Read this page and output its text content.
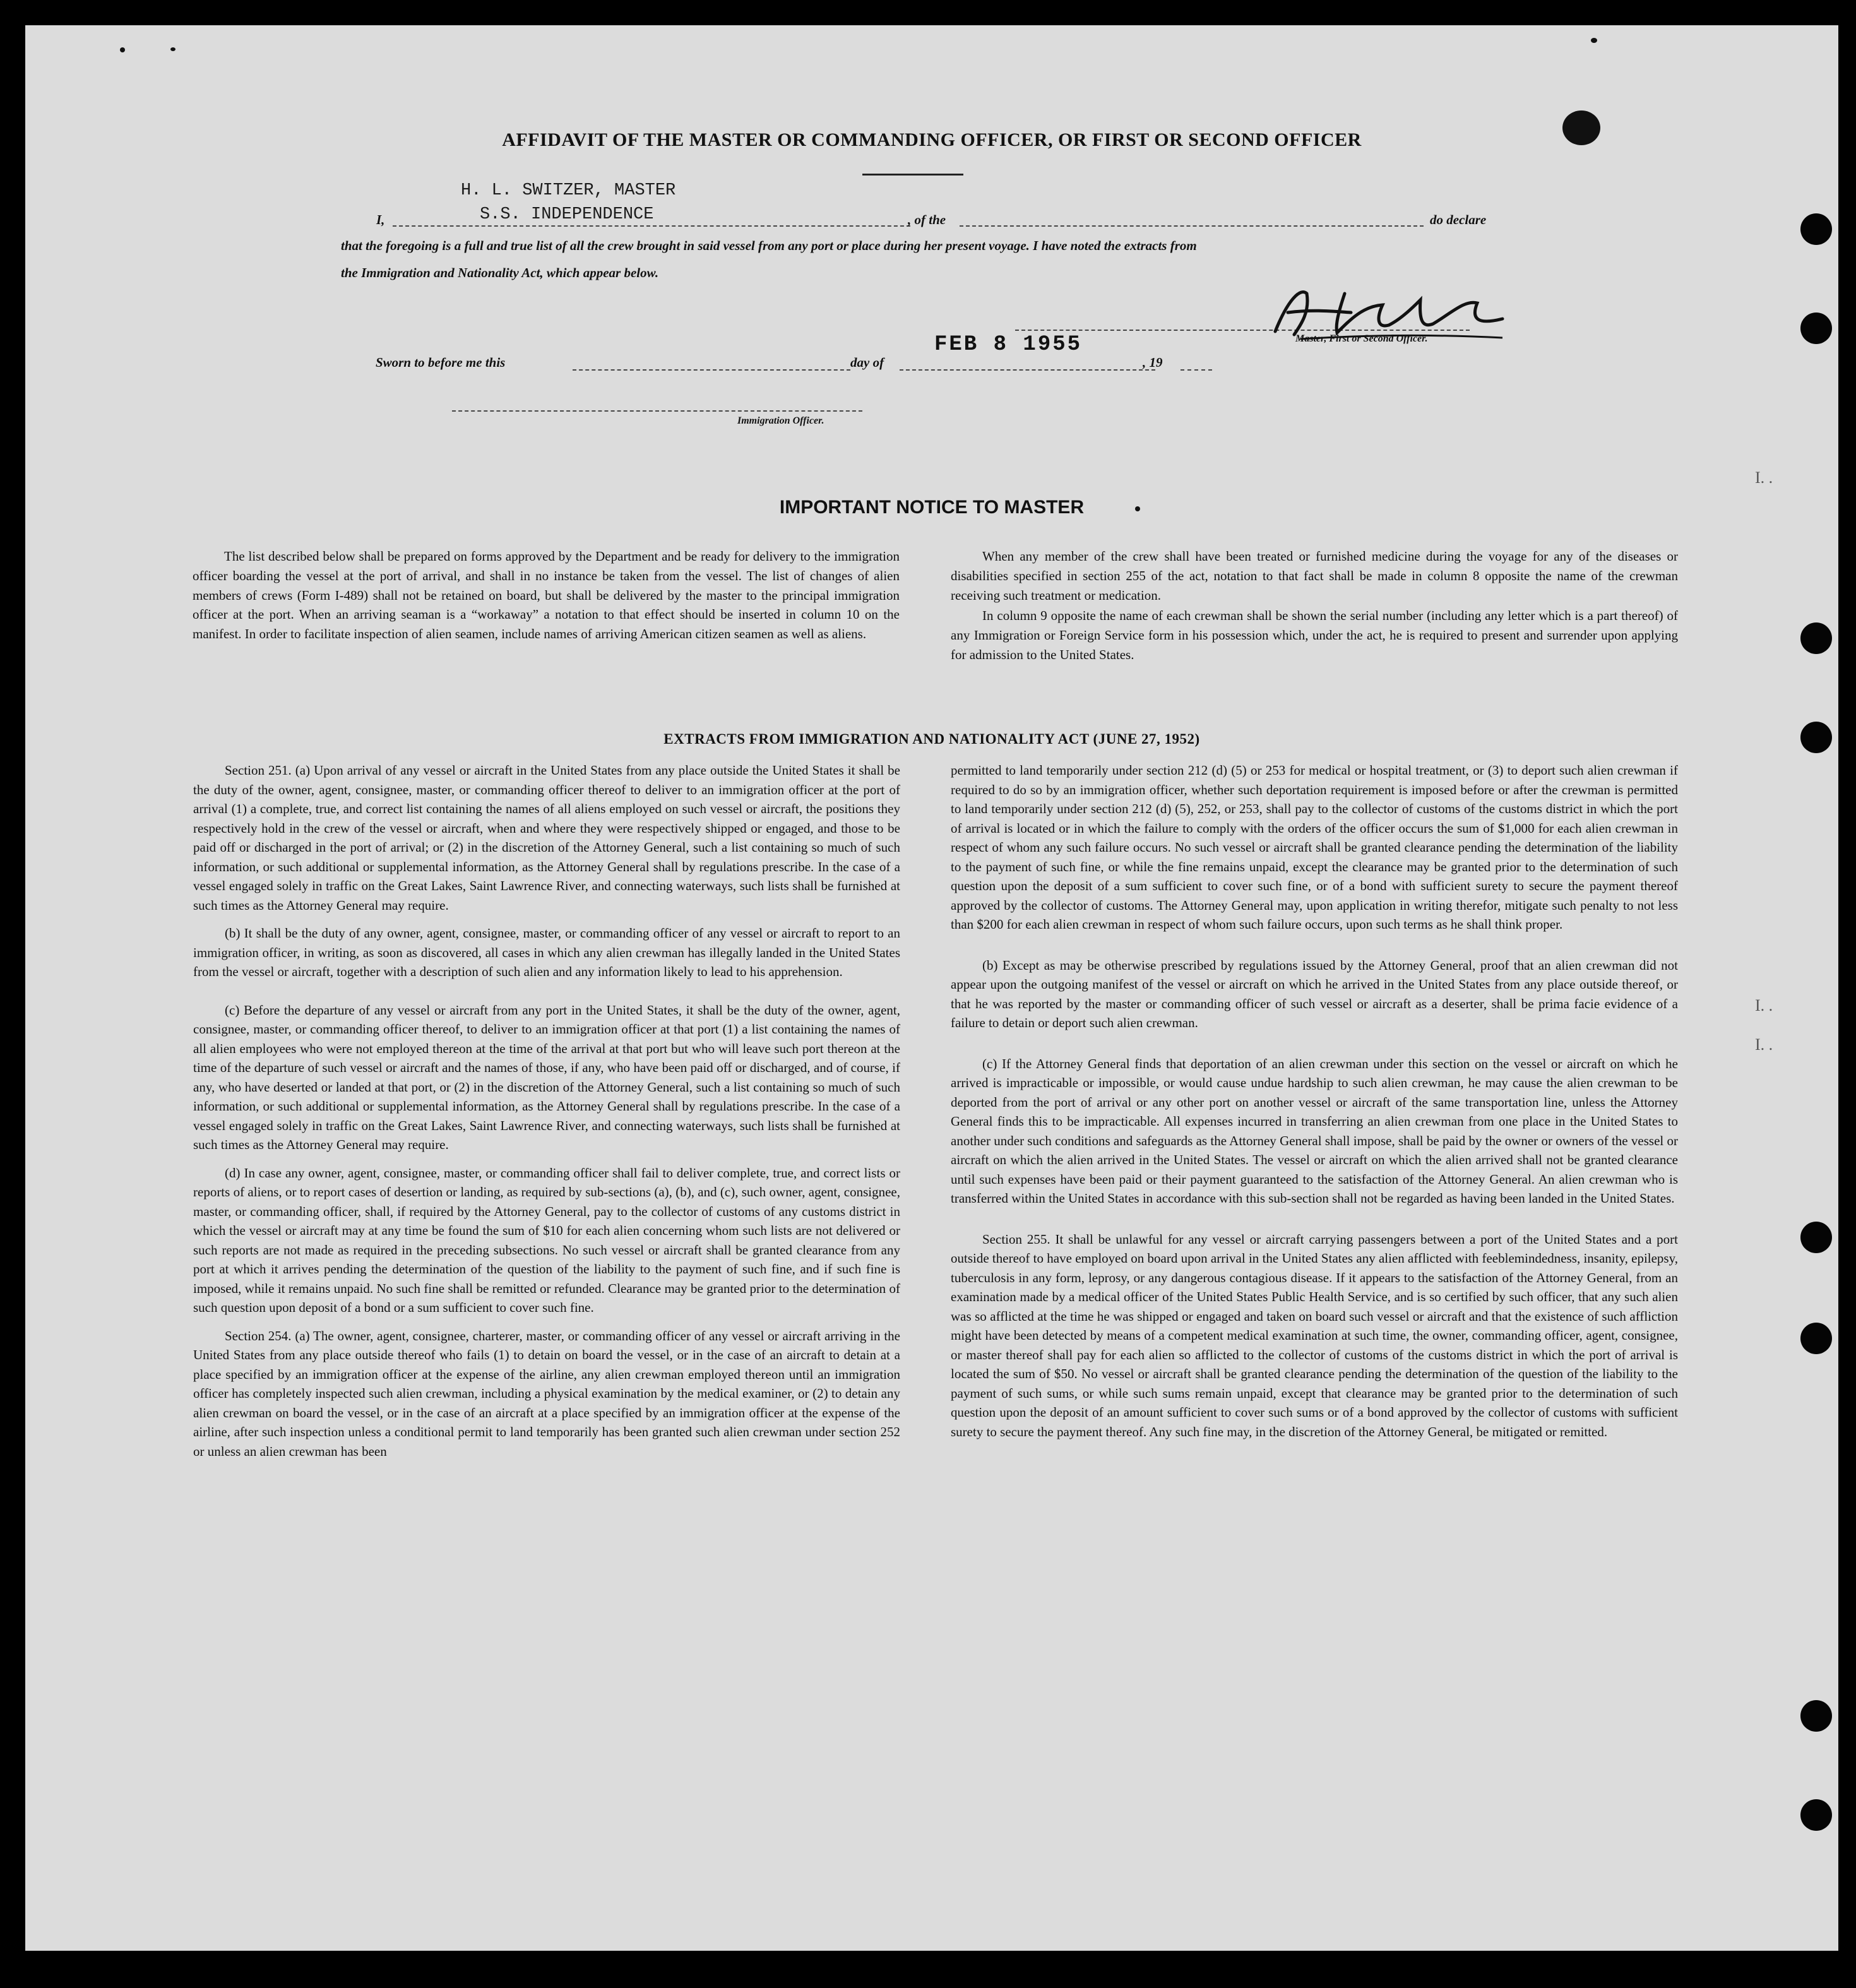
AFFIDAVIT OF THE MASTER OR COMMANDING OFFICER, OR FIRST OR SECOND OFFICER
H. L. SWITZER, MASTER
I,	S.S. INDEPENDENCE	, of the	do declare
that the foregoing is a full and true list of all the crew brought in said vessel from any port or place during her present voyage. I have noted the extracts from
the Immigration and Nationality Act, which appear below.
Master, First or Second Officer.
Sworn to before me this	day of
FEB 8 1955
, 19
Immigration Officer.
IMPORTANT NOTICE TO MASTER

The list described below shall be prepared on forms approved by the Department and be ready for delivery to the immigration officer boarding the vessel at the port of arrival, and shall in no instance be taken from the vessel. The list of changes of alien members of crews (Form I-489) shall not be retained on board, but shall be delivered by the master to the principal immigration officer at the port. When an arriving seaman is a “workaway” a notation to that effect should be inserted in column 10 on the manifest. In order to facilitate inspection of alien seamen, include names of arriving American citizen seamen as well as aliens.

When any member of the crew shall have been treated or furnished medicine during the voyage for any of the diseases or disabilities specified in section 255 of the act, notation to that fact shall be made in column 8 opposite the name of the crewman receiving such treatment or medication.

In column 9 opposite the name of each crewman shall be shown the serial number (including any letter which is a part thereof) of any Immigration or Foreign Service form in his possession which, under the act, he is required to present and surrender upon applying for admission to the United States.

EXTRACTS FROM IMMIGRATION AND NATIONALITY ACT (JUNE 27, 1952)

Section 251. (a) Upon arrival of any vessel or aircraft in the United States from any place outside the United States it shall be the duty of the owner, agent, consignee, master, or commanding officer thereof to deliver to an immigration officer at the port of arrival (1) a complete, true, and correct list containing the names of all aliens employed on such vessel or aircraft, the positions they respectively hold in the crew of the vessel or aircraft, when and where they were respectively shipped or engaged, and those to be paid off or discharged in the port of arrival; or (2) in the discretion of the Attorney General, such a list containing so much of such information, or such additional or supplemental information, as the Attorney General shall by regulations prescribe. In the case of a vessel engaged solely in traffic on the Great Lakes, Saint Lawrence River, and connecting waterways, such lists shall be furnished at such times as the Attorney General may require.

(b) It shall be the duty of any owner, agent, consignee, master, or commanding officer of any vessel or aircraft to report to an immigration officer, in writing, as soon as discovered, all cases in which any alien crewman has illegally landed in the United States from the vessel or aircraft, together with a description of such alien and any information likely to lead to his apprehension.

(c) Before the departure of any vessel or aircraft from any port in the United States, it shall be the duty of the owner, agent, consignee, master, or commanding officer thereof, to deliver to an immigration officer at that port (1) a list containing the names of all alien employees who were not employed thereon at the time of the arrival at that port but who will leave such port thereon at the time of the departure of such vessel or aircraft and the names of those, if any, who have been paid off or discharged, and of course, if any, who have deserted or landed at that port, or (2) in the discretion of the Attorney General, such a list containing so much of such information, or such additional or supplemental information, as the Attorney General shall by regulations prescribe. In the case of a vessel engaged solely in traffic on the Great Lakes, Saint Lawrence River, and connecting waterways, such lists shall be furnished at such times as the Attorney General may require.

(d) In case any owner, agent, consignee, master, or commanding officer shall fail to deliver complete, true, and correct lists or reports of aliens, or to report cases of desertion or landing, as required by sub-sections (a), (b), and (c), such owner, agent, consignee, master, or commanding officer, shall, if required by the Attorney General, pay to the collector of customs of any customs district in which the vessel or aircraft may at any time be found the sum of $10 for each alien concerning whom such lists are not delivered or such reports are not made as required in the preceding subsections. No such vessel or aircraft shall be granted clearance from any port at which it arrives pending the determination of the question of the liability to the payment of such fine, and if such fine is imposed, while it remains unpaid. No such fine shall be remitted or refunded. Clearance may be granted prior to the determination of such question upon deposit of a bond or a sum sufficient to cover such fine.

Section 254. (a) The owner, agent, consignee, charterer, master, or commanding officer of any vessel or aircraft arriving in the United States from any place outside thereof who fails (1) to detain on board the vessel, or in the case of an aircraft to detain at a place specified by an immigration officer at the expense of the airline, any alien crewman employed thereon until an immigration officer has completely inspected such alien crewman, including a physical examination by the medical examiner, or (2) to detain any alien crewman on board the vessel, or in the case of an aircraft at a place specified by an immigration officer at the expense of the airline, after such inspection unless a conditional permit to land temporarily has been granted such alien crewman under section 252 or unless an alien crewman has been

permitted to land temporarily under section 212 (d) (5) or 253 for medical or hospital treatment, or (3) to deport such alien crewman if required to do so by an immigration officer, whether such deportation requirement is imposed before or after the crewman is permitted to land temporarily under section 212 (d) (5), 252, or 253, shall pay to the collector of customs of the customs district in which the port of arrival is located or in which the failure to comply with the orders of the officer occurs the sum of $1,000 for each alien crewman in respect of whom any such failure occurs. No such vessel or aircraft shall be granted clearance pending the determination of the liability to the payment of such fine, or while the fine remains unpaid, except the clearance may be granted prior to the determination of such question upon the deposit of a sum sufficient to cover such fine, or of a bond with sufficient surety to secure the payment thereof approved by the collector of customs. The Attorney General may, upon application in writing therefor, mitigate such penalty to not less than $200 for each alien crewman in respect of whom such failure occurs, upon such terms as he shall think proper.

(b) Except as may be otherwise prescribed by regulations issued by the Attorney General, proof that an alien crewman did not appear upon the outgoing manifest of the vessel or aircraft on which he arrived in the United States from any place outside thereof, or that he was reported by the master or commanding officer of such vessel or aircraft as a deserter, shall be prima facie evidence of a failure to detain or deport such alien crewman.

(c) If the Attorney General finds that deportation of an alien crewman under this section on the vessel or aircraft on which he arrived is impracticable or impossible, or would cause undue hardship to such alien crewman, he may cause the alien crewman to be deported from the port of arrival or any other port on another vessel or aircraft of the same transportation line, unless the Attorney General finds this to be impracticable. All expenses incurred in transferring an alien crewman from one place in the United States to another under such conditions and safeguards as the Attorney General shall impose, shall be paid by the owner or owners of the vessel or aircraft on which the alien arrived in the United States. The vessel or aircraft on which the alien arrived shall not be granted clearance until such expenses have been paid or their payment guaranteed to the satisfaction of the Attorney General. An alien crewman who is transferred within the United States in accordance with this sub-section shall not be regarded as having been landed in the United States.

Section 255. It shall be unlawful for any vessel or aircraft carrying passengers between a port of the United States and a port outside thereof to have employed on board upon arrival in the United States any alien afflicted with feeblemindedness, insanity, epilepsy, tuberculosis in any form, leprosy, or any dangerous contagious disease. If it appears to the satisfaction of the Attorney General, from an examination made by a medical officer of the United States Public Health Service, and is so certified by such officer, that any such alien was so afflicted at the time he was shipped or engaged and taken on board such vessel or aircraft and that the existence of such affliction might have been detected by means of a competent medical examination at such time, the owner, commanding officer, agent, consignee, or master thereof shall pay for each alien so afflicted to the collector of customs of the customs district in which the port of arrival is located the sum of $50. No vessel or aircraft shall be granted clearance pending the determination of the question of the liability to the payment of such sums, or while such sums remain unpaid, except that clearance may be granted prior to the determination of such question upon the deposit of an amount sufficient to cover such sums or of a bond approved by the collector of customs with sufficient surety to secure the payment thereof. Any such fine may, in the discretion of the Attorney General, be mitigated or remitted.

I. .
I. .
I. .
